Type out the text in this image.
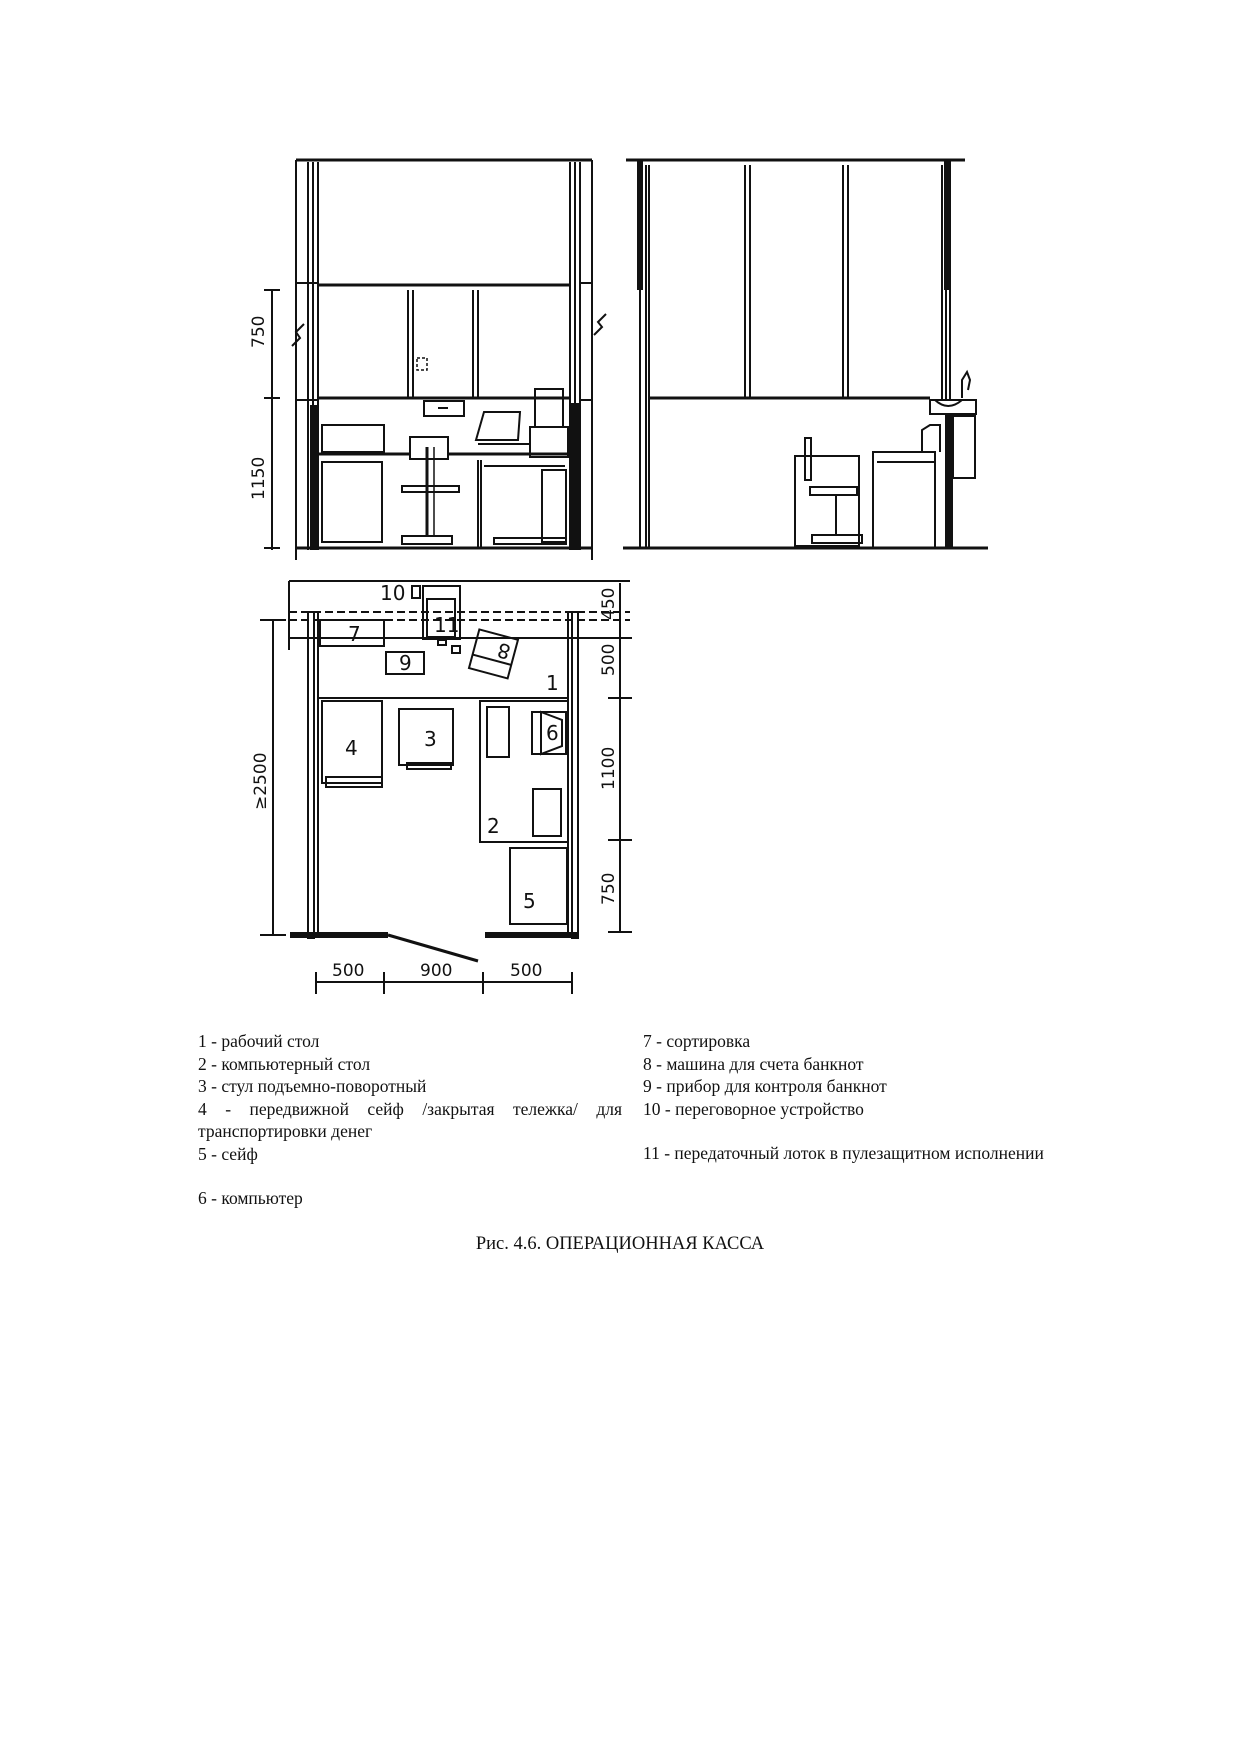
750
1150
10
11
7
9	8
1
4	3	6
2
5
≥2500
450
500
1100
750
500	900	500
1 - рабочий стол
2 - компьютерный стол
3 - стул подъемно-поворотный
4 - передвижной сейф /закрытая тележка/ для транспортировки денег
5 - сейф
6 - компьютер
7 - сортировка
8 - машина для счета банкнот
9 - прибор для контроля банкнот
10 - переговорное устройство
11 - передаточный лоток в пулезащитном исполнении
Рис. 4.6. ОПЕРАЦИОННАЯ КАССА
